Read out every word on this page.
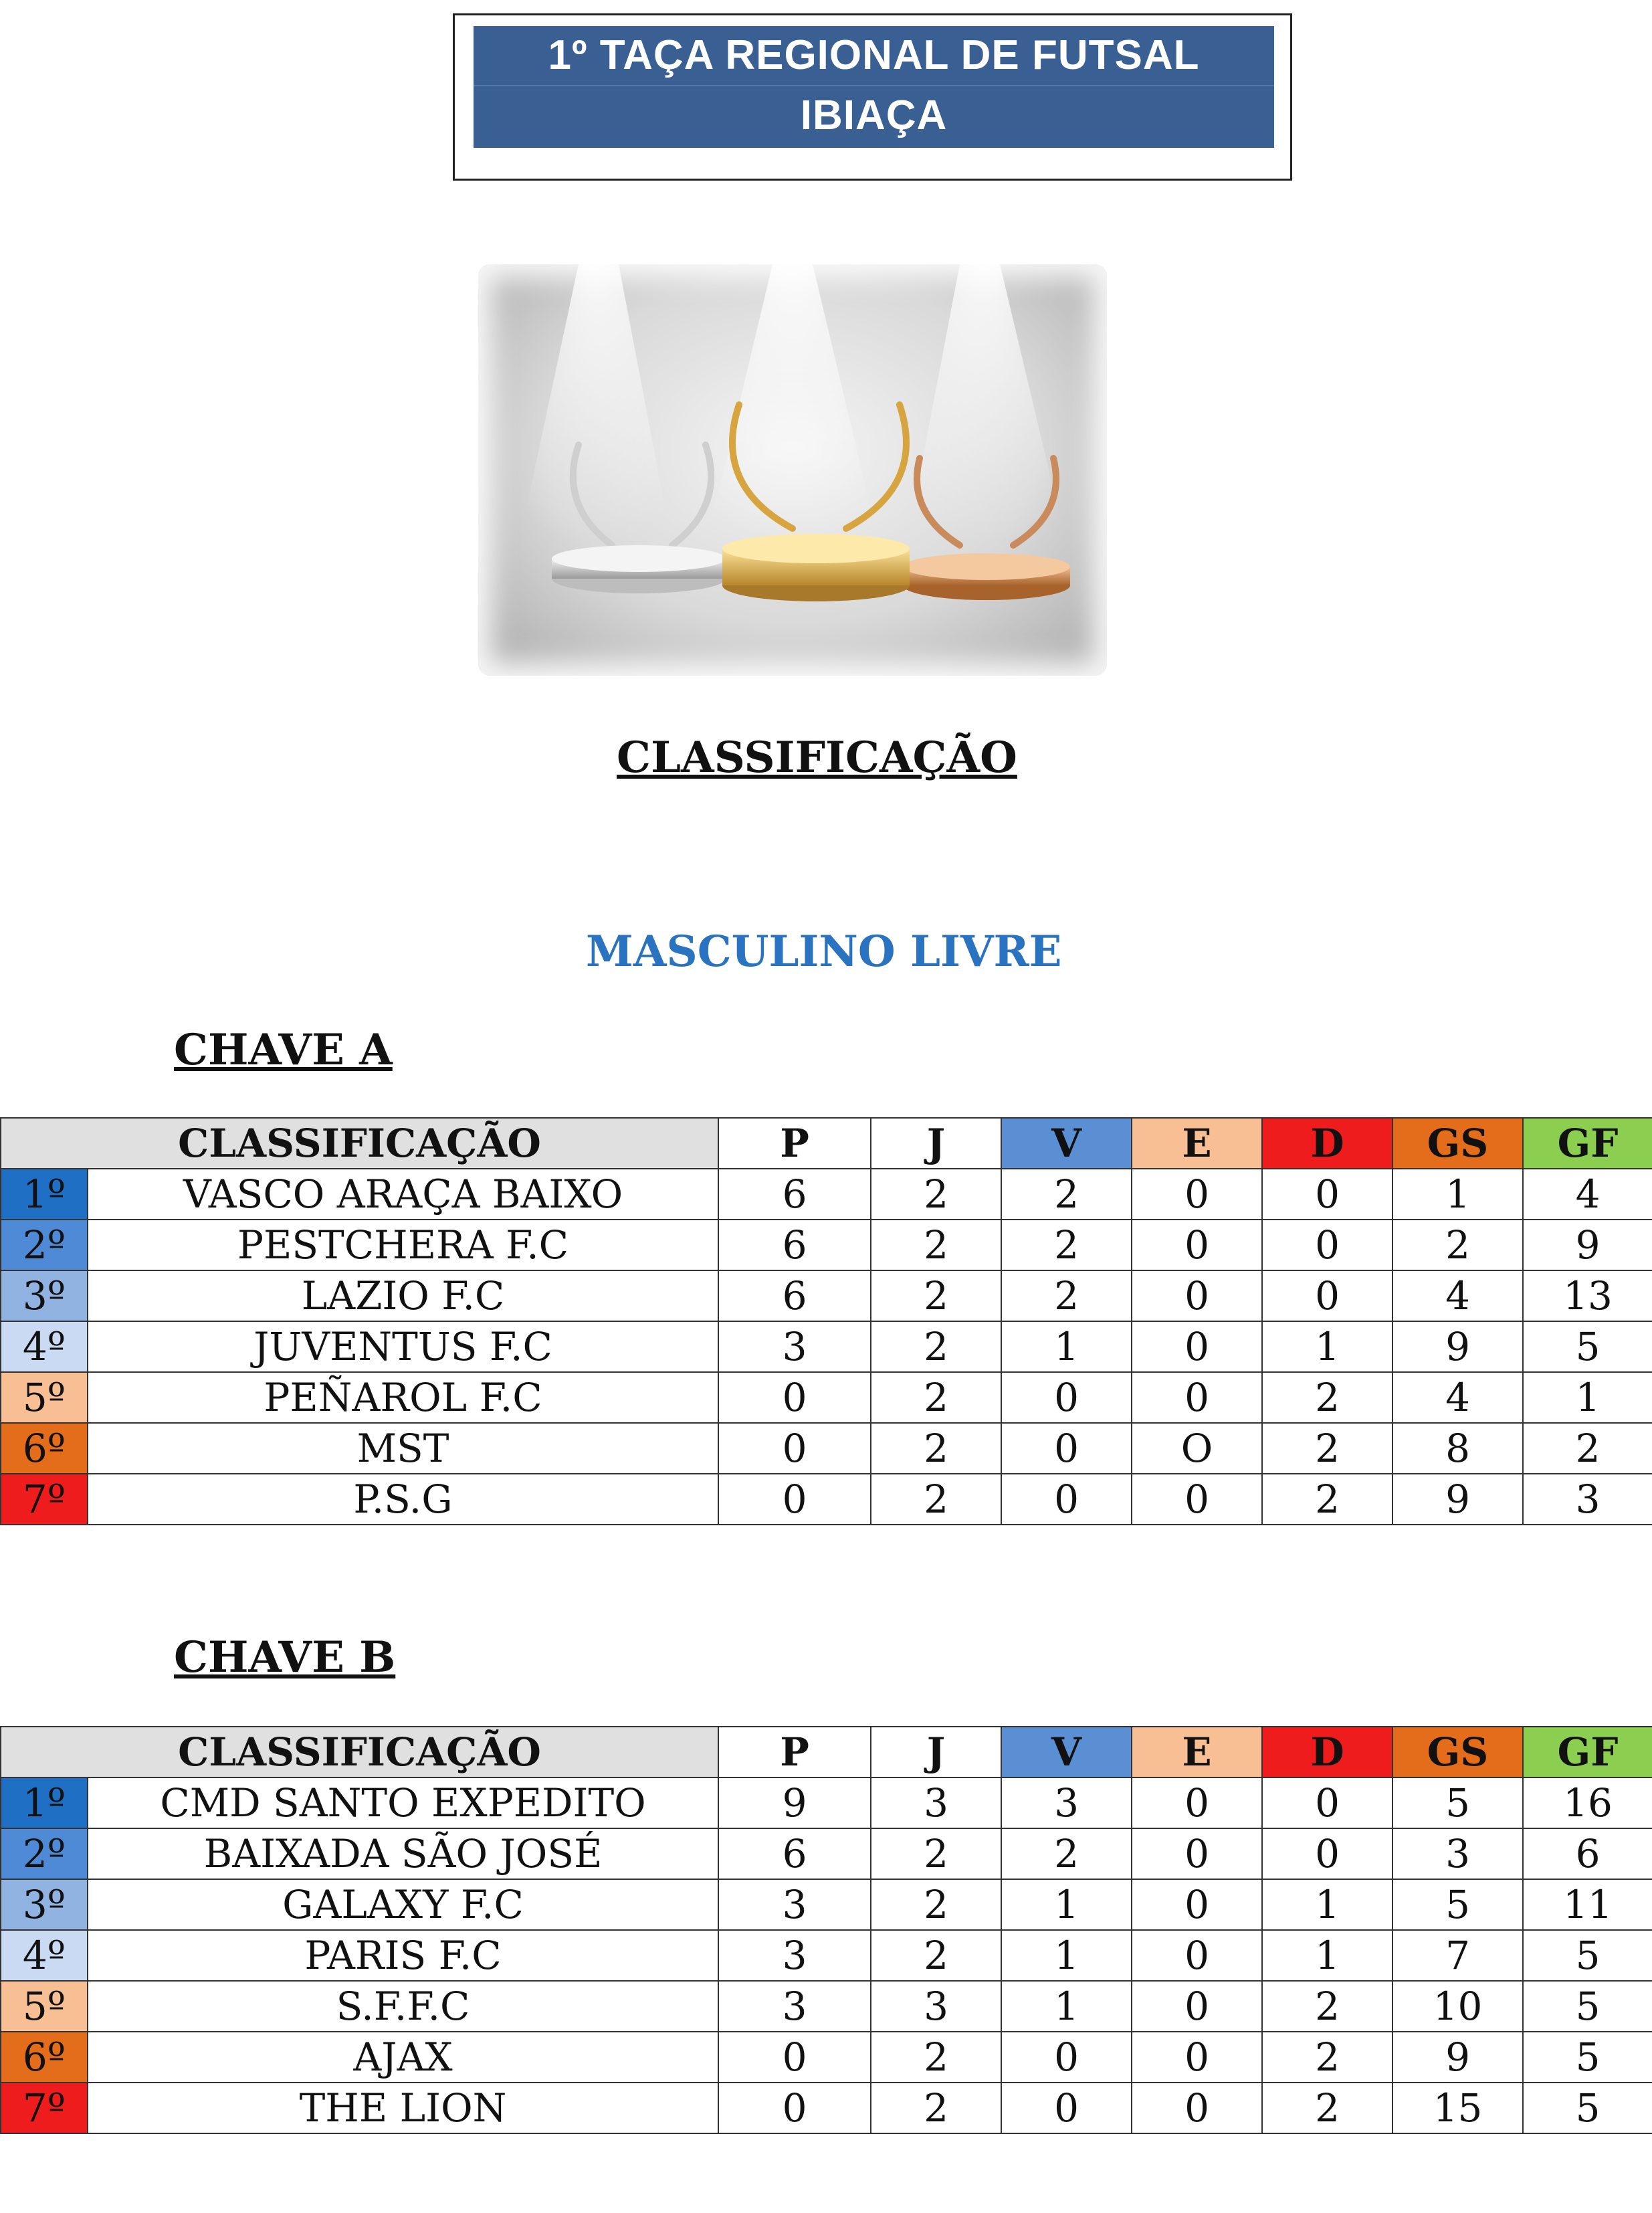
1º TAÇA REGIONAL DE FUTSAL
IBIAÇA
CLASSIFICAÇÃO
MASCULINO LIVRE
CHAVE A
CLASSIFICAÇÃO		P	J	V	E	D	GS	GF
1º	VASCO ARAÇA BAIXO	6	2	2	0	0	1	4
2º	PESTCHERA F.C	6	2	2	0	0	2	9
3º	LAZIO F.C	6	2	2	0	0	4	13
4º	JUVENTUS F.C	3	2	1	0	1	9	5
5º	PEÑAROL F.C	0	2	0	0	2	4	1
6º	MST	0	2	0	O	2	8	2
7º	P.S.G	0	2	0	0	2	9	3
CHAVE B
CLASSIFICAÇÃO		P	J	V	E	D	GS	GF
1º	CMD SANTO EXPEDITO	9	3	3	0	0	5	16
2º	BAIXADA SÃO JOSÉ	6	2	2	0	0	3	6
3º	GALAXY F.C	3	2	1	0	1	5	11
4º	PARIS F.C	3	2	1	0	1	7	5
5º	S.F.F.C	3	3	1	0	2	10	5
6º	AJAX	0	2	0	0	2	9	5
7º	THE LION	0	2	0	0	2	15	5
